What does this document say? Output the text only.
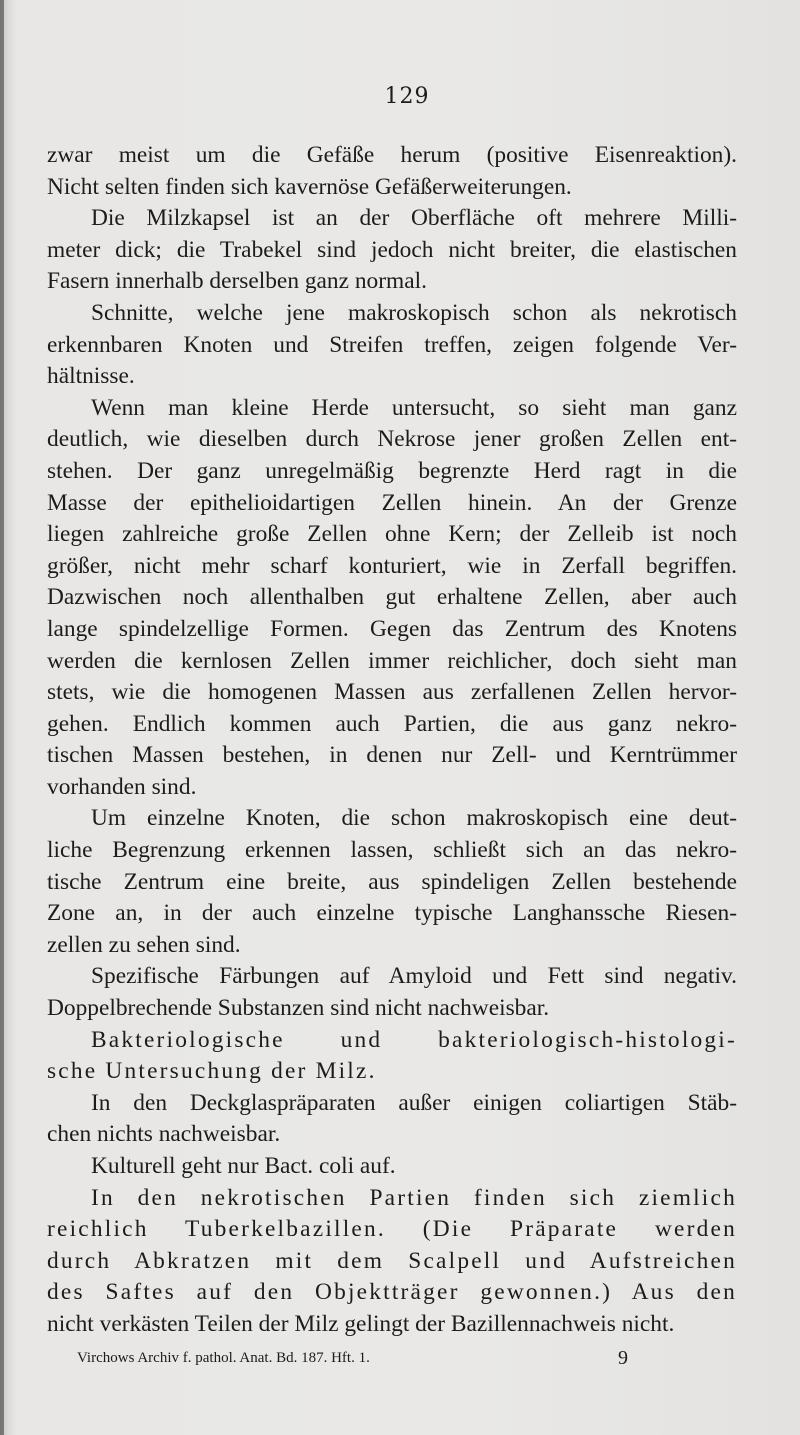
129
zwar meist um die Gefäße herum (positive Eisenreaktion).
Nicht selten finden sich kavernöse Gefäßerweiterungen.
Die Milzkapsel ist an der Oberfläche oft mehrere Milli-
meter dick; die Trabekel sind jedoch nicht breiter, die elastischen
Fasern innerhalb derselben ganz normal.
Schnitte, welche jene makroskopisch schon als nekrotisch
erkennbaren Knoten und Streifen treffen, zeigen folgende Ver-
hältnisse.
Wenn man kleine Herde untersucht, so sieht man ganz
deutlich, wie dieselben durch Nekrose jener großen Zellen ent-
stehen. Der ganz unregelmäßig begrenzte Herd ragt in die
Masse der epithelioidartigen Zellen hinein. An der Grenze
liegen zahlreiche große Zellen ohne Kern; der Zelleib ist noch
größer, nicht mehr scharf konturiert, wie in Zerfall begriffen.
Dazwischen noch allenthalben gut erhaltene Zellen, aber auch
lange spindelzellige Formen. Gegen das Zentrum des Knotens
werden die kernlosen Zellen immer reichlicher, doch sieht man
stets, wie die homogenen Massen aus zerfallenen Zellen hervor-
gehen. Endlich kommen auch Partien, die aus ganz nekro-
tischen Massen bestehen, in denen nur Zell- und Kerntrümmer
vorhanden sind.
Um einzelne Knoten, die schon makroskopisch eine deut-
liche Begrenzung erkennen lassen, schließt sich an das nekro-
tische Zentrum eine breite, aus spindeligen Zellen bestehende
Zone an, in der auch einzelne typische Langhanssche Riesen-
zellen zu sehen sind.
Spezifische Färbungen auf Amyloid und Fett sind negativ.
Doppelbrechende Substanzen sind nicht nachweisbar.
Bakteriologische und bakteriologisch-histologi-
sche Untersuchung der Milz.
In den Deckglaspräparaten außer einigen coliartigen Stäb-
chen nichts nachweisbar.
Kulturell geht nur Bact. coli auf.
In den nekrotischen Partien finden sich ziemlich
reichlich Tuberkelbazillen. (Die Präparate werden
durch Abkratzen mit dem Scalpell und Aufstreichen
des Saftes auf den Objektträger gewonnen.) Aus den
nicht verkästen Teilen der Milz gelingt der Bazillennachweis nicht.
Virchows Archiv f. pathol. Anat. Bd. 187. Hft. 1.	9
